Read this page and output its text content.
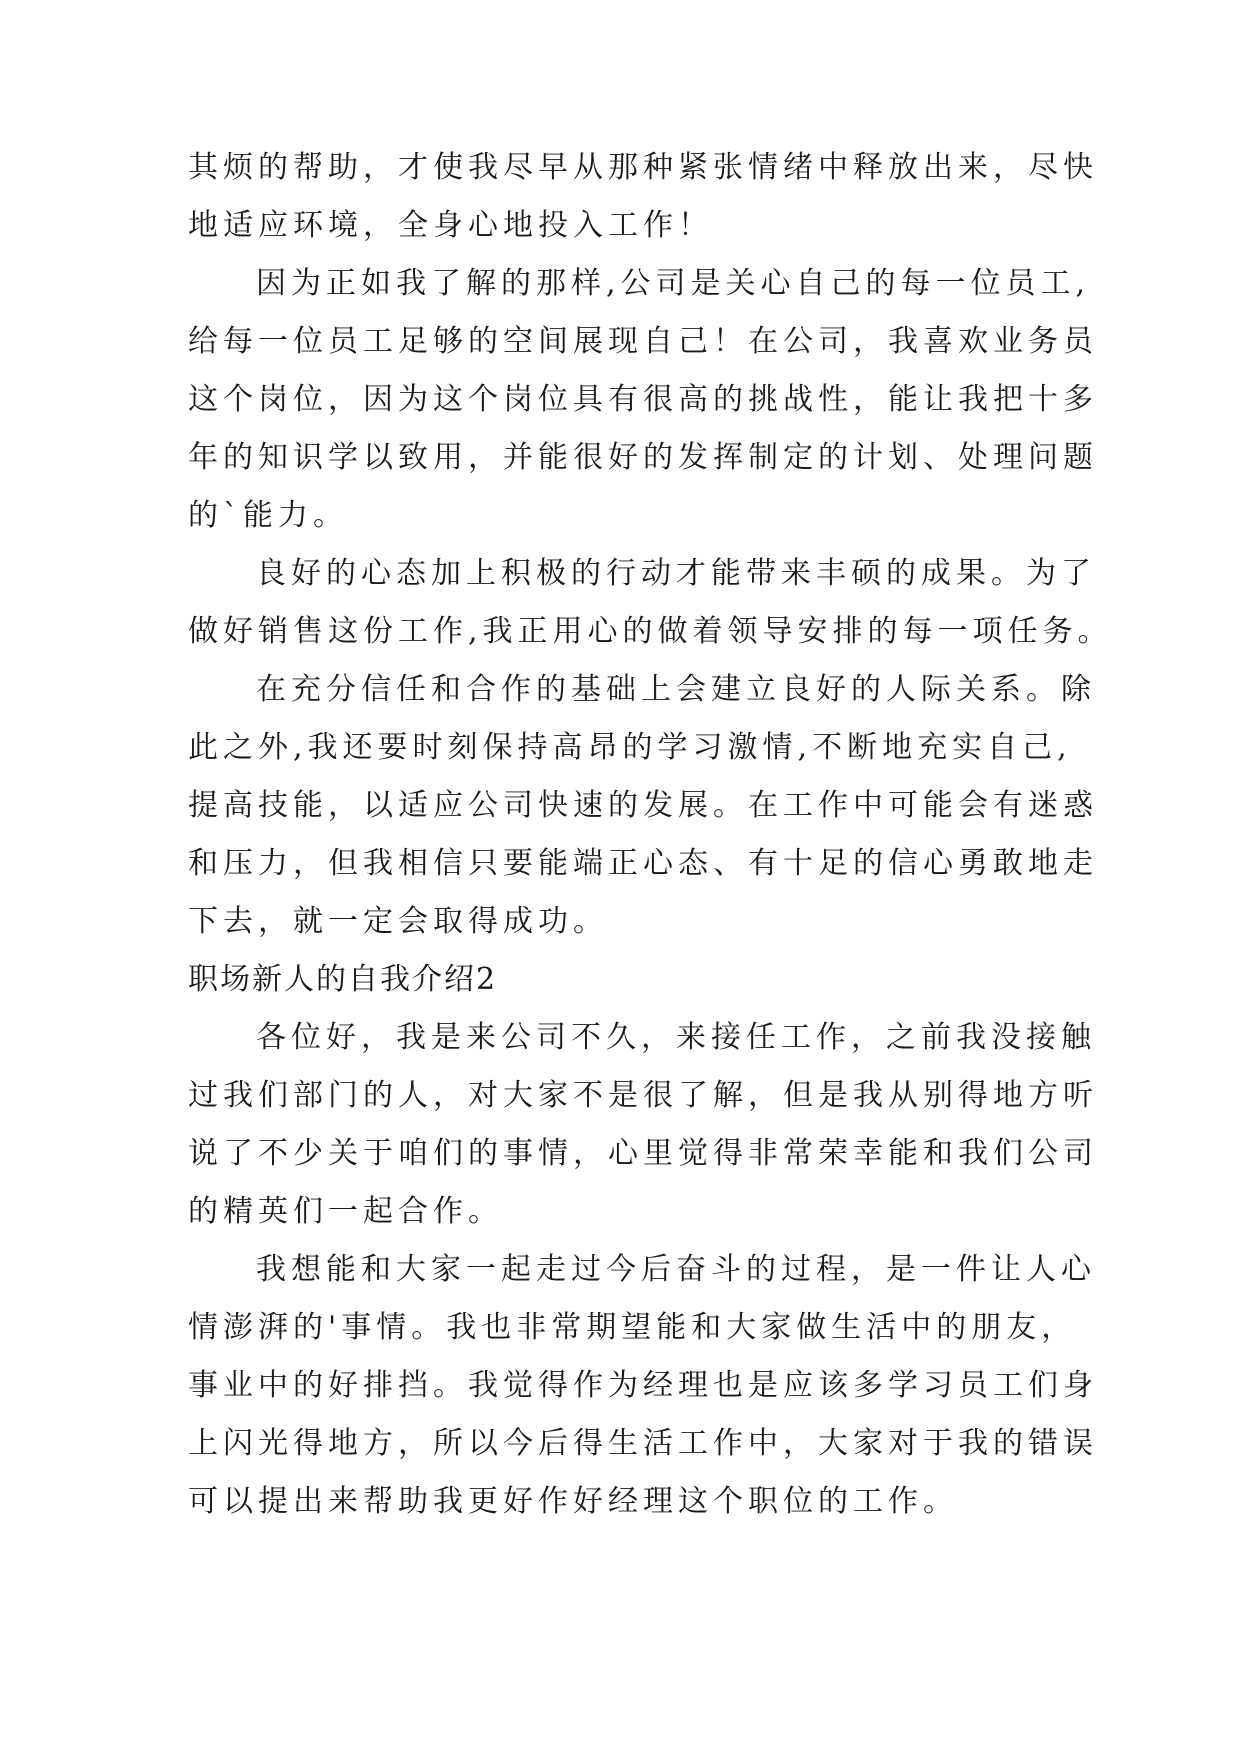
其烦的帮助，才使我尽早从那种紧张情绪中释放出来，尽快
地适应环境，全身心地投入工作！
因为正如我了解的那样,公司是关心自己的每一位员工,
给每一位员工足够的空间展现自己！在公司，我喜欢业务员
这个岗位，因为这个岗位具有很高的挑战性，能让我把十多
年的知识学以致用，并能很好的发挥制定的计划、处理问题
的`能力。
良好的心态加上积极的行动才能带来丰硕的成果。为了
做好销售这份工作,我正用心的做着领导安排的每一项任务。
在充分信任和合作的基础上会建立良好的人际关系。除
此之外,我还要时刻保持高昂的学习激情,不断地充实自己,
提高技能，以适应公司快速的发展。在工作中可能会有迷惑
和压力，但我相信只要能端正心态、有十足的信心勇敢地走
下去，就一定会取得成功。
职场新人的自我介绍2
各位好，我是来公司不久，来接任工作，之前我没接触
过我们部门的人，对大家不是很了解，但是我从别得地方听
说了不少关于咱们的事情，心里觉得非常荣幸能和我们公司
的精英们一起合作。
我想能和大家一起走过今后奋斗的过程，是一件让人心
情澎湃的'事情。我也非常期望能和大家做生活中的朋友，
事业中的好排挡。我觉得作为经理也是应该多学习员工们身
上闪光得地方，所以今后得生活工作中，大家对于我的错误
可以提出来帮助我更好作好经理这个职位的工作。
